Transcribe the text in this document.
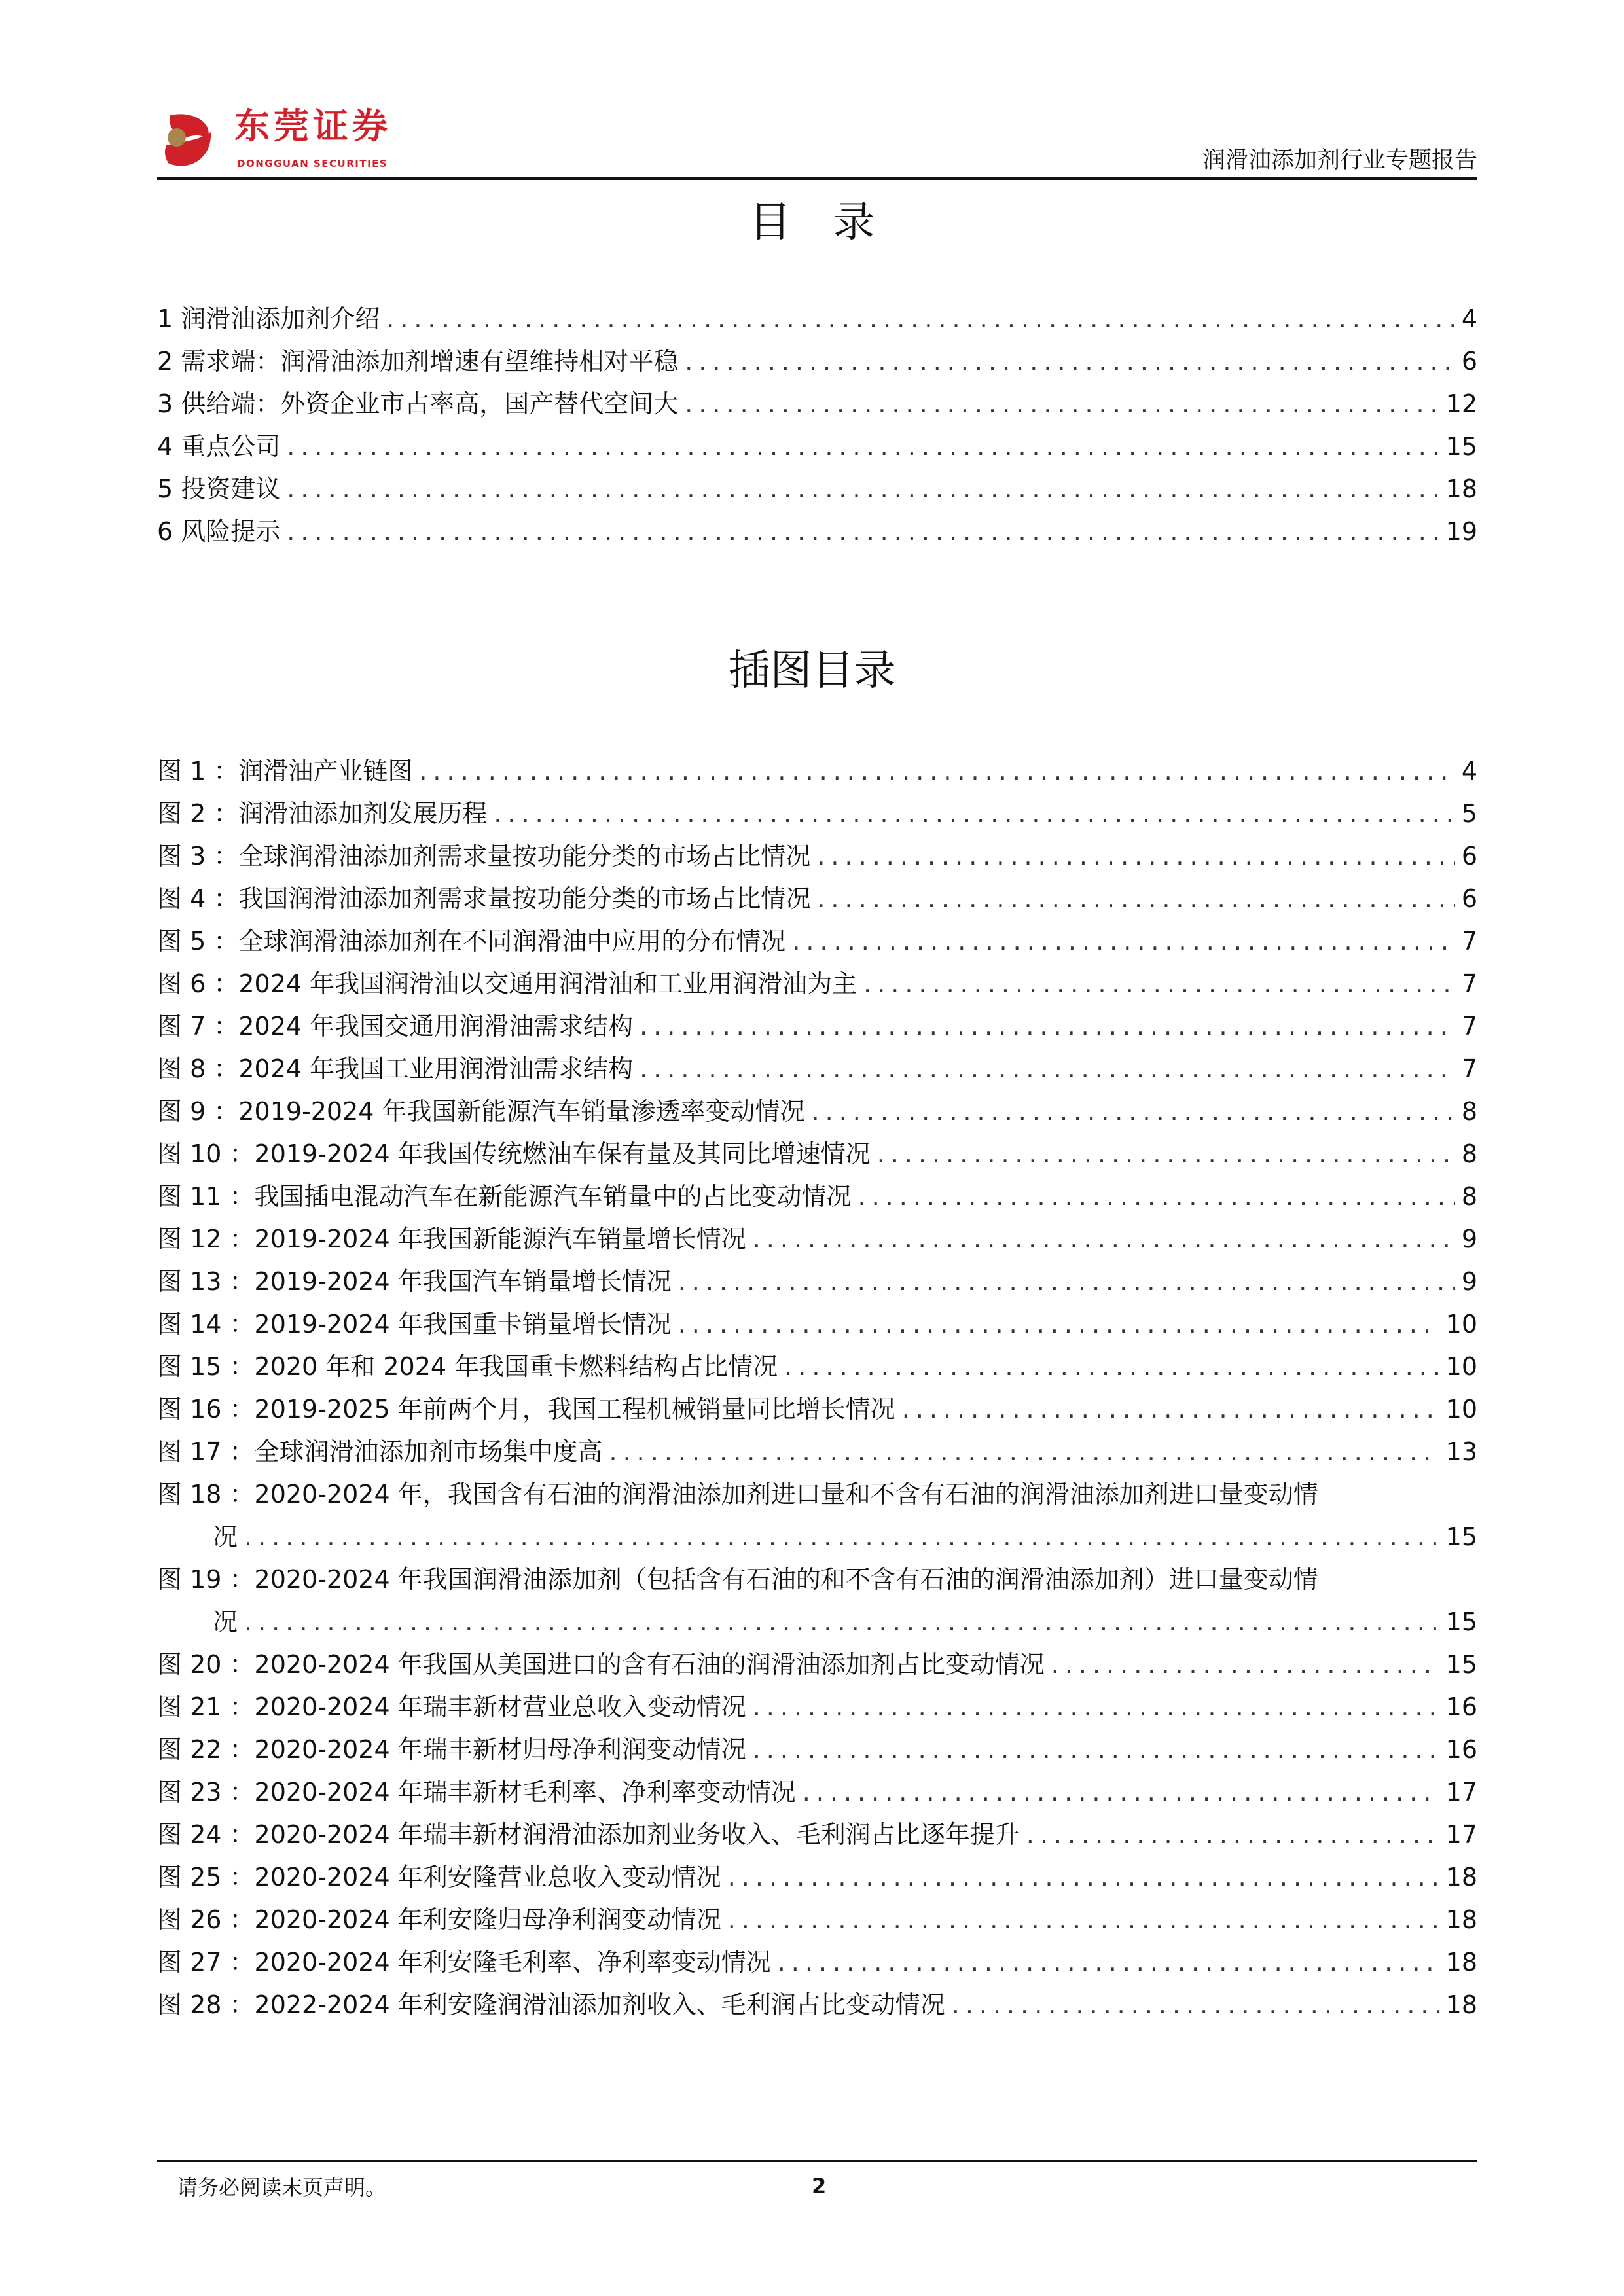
东莞证券
DONGGUAN SECURITIES	润滑油添加剂行业专题报告
目　录
1 润滑油添加剂介绍 .....	4
2 需求端：润滑油添加剂增速有望维持相对平稳 .....	6
3 供给端：外资企业市占率高，国产替代空间大 .....	12
4 重点公司 .....	15
5 投资建议 .....	18
6 风险提示 .....	19
插图目录
图 1 ：润滑油产业链图 .....	4
图 2 ：润滑油添加剂发展历程 .....	5
图 3 ：全球润滑油添加剂需求量按功能分类的市场占比情况 .....	6
图 4 ：我国润滑油添加剂需求量按功能分类的市场占比情况 .....	6
图 5 ：全球润滑油添加剂在不同润滑油中应用的分布情况 .....	7
图 6 ：2024 年我国润滑油以交通用润滑油和工业用润滑油为主 .....	7
图 7 ：2024 年我国交通用润滑油需求结构 .....	7
图 8 ：2024 年我国工业用润滑油需求结构 .....	7
图 9 ：2019-2024 年我国新能源汽车销量渗透率变动情况 .....	8
图 10 ：2019-2024 年我国传统燃油车保有量及其同比增速情况 .....	8
图 11 ：我国插电混动汽车在新能源汽车销量中的占比变动情况 .....	8
图 12 ：2019-2024 年我国新能源汽车销量增长情况 .....	9
图 13 ：2019-2024 年我国汽车销量增长情况 .....	9
图 14 ：2019-2024 年我国重卡销量增长情况 .....	10
图 15 ：2020 年和 2024 年我国重卡燃料结构占比情况 .....	10
图 16 ：2019-2025 年前两个月，我国工程机械销量同比增长情况 .....	10
图 17 ：全球润滑油添加剂市场集中度高 .....	13
图 18 ：2020-2024 年，我国含有石油的润滑油添加剂进口量和不含有石油的润滑油添加剂进口量变动情
况 .....	15
图 19 ：2020-2024 年我国润滑油添加剂（包括含有石油的和不含有石油的润滑油添加剂）进口量变动情
况 .....	15
图 20 ：2020-2024 年我国从美国进口的含有石油的润滑油添加剂占比变动情况 .....	15
图 21 ：2020-2024 年瑞丰新材营业总收入变动情况 .....	16
图 22 ：2020-2024 年瑞丰新材归母净利润变动情况 .....	16
图 23 ：2020-2024 年瑞丰新材毛利率、净利率变动情况 .....	17
图 24 ：2020-2024 年瑞丰新材润滑油添加剂业务收入、毛利润占比逐年提升 .....	17
图 25 ：2020-2024 年利安隆营业总收入变动情况 .....	18
图 26 ：2020-2024 年利安隆归母净利润变动情况 .....	18
图 27 ：2020-2024 年利安隆毛利率、净利率变动情况 .....	18
图 28 ：2022-2024 年利安隆润滑油添加剂收入、毛利润占比变动情况 .....	18
请务必阅读末页声明。	2
